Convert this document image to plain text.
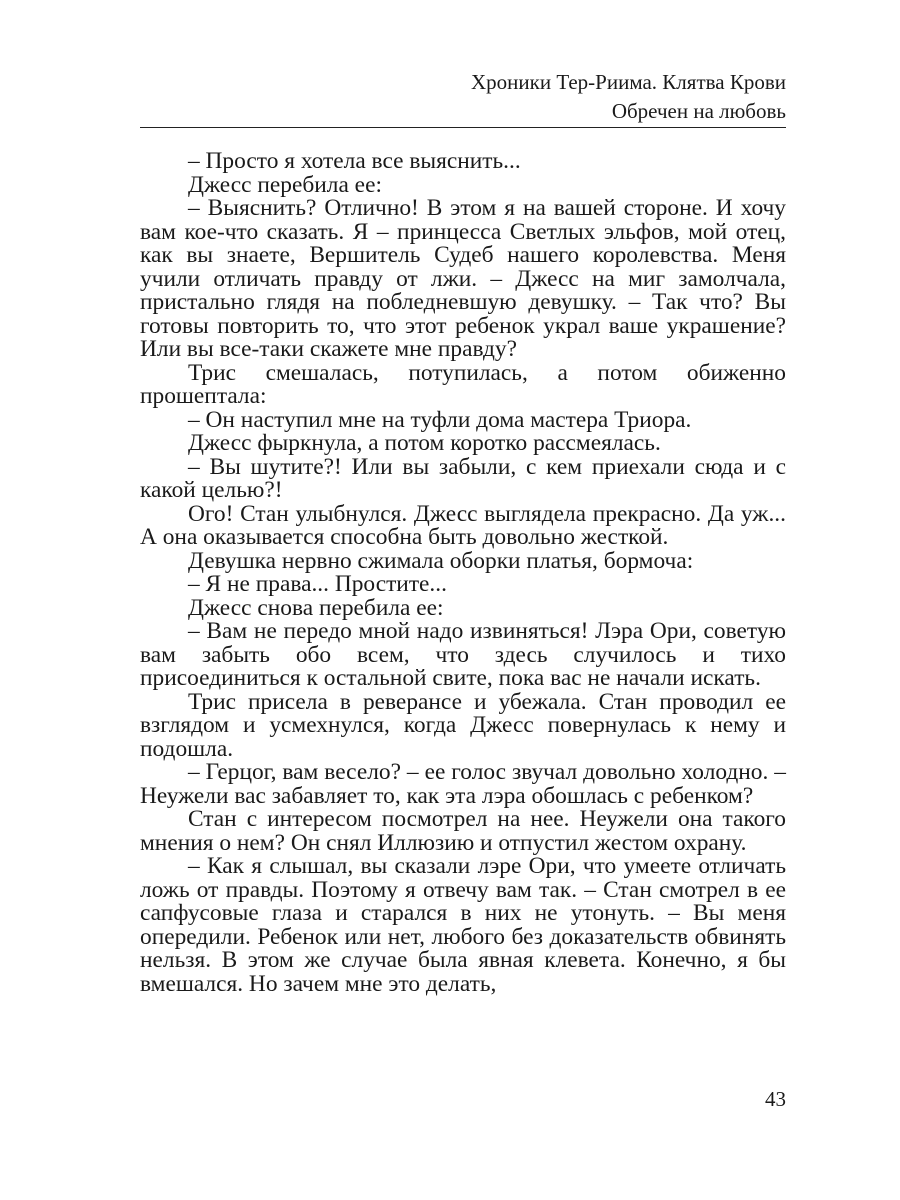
Хроники Тер-Риима. Клятва Крови
Обречен на любовь

– Просто я хотела все выяснить...

Джесс перебила ее:

– Выяснить? Отлично! В этом я на вашей стороне. И хочу вам кое-что сказать. Я – принцесса Светлых эльфов, мой отец, как вы знаете, Вершитель Судеб нашего королевства. Меня учили отличать правду от лжи. – Джесс на миг замолчала, пристально глядя на побледневшую девушку. – Так что? Вы готовы повторить то, что этот ребенок украл ваше украшение? Или вы все-таки скажете мне правду?

Трис смешалась, потупилась, а потом обиженно прошептала:

– Он наступил мне на туфли дома мастера Триора.

Джесс фыркнула, а потом коротко рассмеялась.

– Вы шутите?! Или вы забыли, с кем приехали сюда и с какой целью?!

Ого! Стан улыбнулся. Джесс выглядела прекрасно. Да уж... А она оказывается способна быть довольно жесткой.

Девушка нервно сжимала оборки платья, бормоча:

– Я не права... Простите...

Джесс снова перебила ее:

– Вам не передо мной надо извиняться! Лэра Ори, советую вам забыть обо всем, что здесь случилось и тихо присоединиться к остальной свите, пока вас не начали искать.

Трис присела в реверансе и убежала. Стан проводил ее взглядом и усмехнулся, когда Джесс повернулась к нему и подошла.

– Герцог, вам весело? – ее голос звучал довольно холодно. – Неужели вас забавляет то, как эта лэра обошлась с ребенком?

Стан с интересом посмотрел на нее. Неужели она такого мнения о нем? Он снял Иллюзию и отпустил жестом охрану.

– Как я слышал, вы сказали лэре Ори, что умеете отличать ложь от правды. Поэтому я отвечу вам так. – Стан смотрел в ее сапфусовые глаза и старался в них не утонуть. – Вы меня опередили. Ребенок или нет, любого без доказательств обвинять нельзя. В этом же случае была явная клевета. Конечно, я бы вмешался. Но зачем мне это делать,

43
